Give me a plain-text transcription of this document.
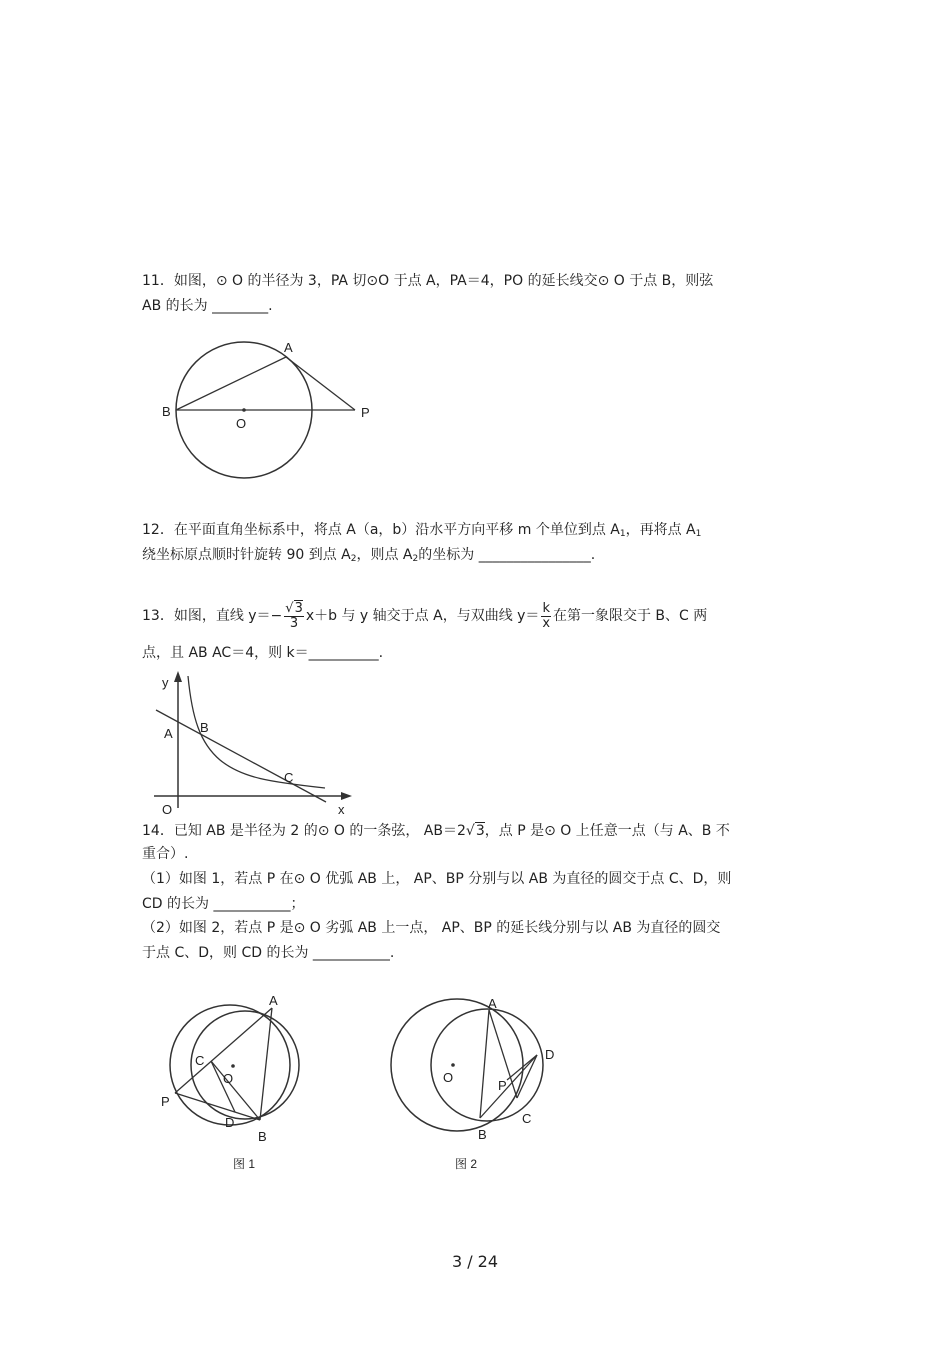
11．如图，⊙ O 的半径为 3，PA 切⊙O 于点 A，PA＝4，PO 的延长线交⊙ O 于点 B，则弦
AB 的长为 ________.
A
B
O
P
12．在平面直角坐标系中，将点 A（a，b）沿水平方向平移 m 个单位到点 $A_1$，再将点 $A_1$
绕坐标原点顺时针旋转 90 到点 $A_2$，则点 $A_2$的坐标为 ________________.
13．如图，直线 $y=- \frac{√3}{3} x+b$ 与 y 轴交于点 A，与双曲线 $y= \frac{k}{x}$ 在第一象限交于 B、C 两
点，且 AB AC＝4，则 k＝__________.
y
x
A B
C
O
14．已知 AB 是半径为 2 的⊙ O 的一条弦， AB＝2√3，点 P 是⊙ O 上任意一点（与 A、B 不
重合）.
（1）如图 1，若点 P 在⊙ O 优弧 AB 上， AP、BP 分别与以 AB 为直径的圆交于点 C、D，则
CD 的长为 ___________；
（2）如图 2，若点 P 是⊙ O 劣弧 AB 上一点， AP、BP 的延长线分别与以 AB 为直径的圆交
于点 C、D，则 CD 的长为 ___________.
A
C
O
P
D
B
图 1
A
D
O
P
C
B
图 2
3 / 24
